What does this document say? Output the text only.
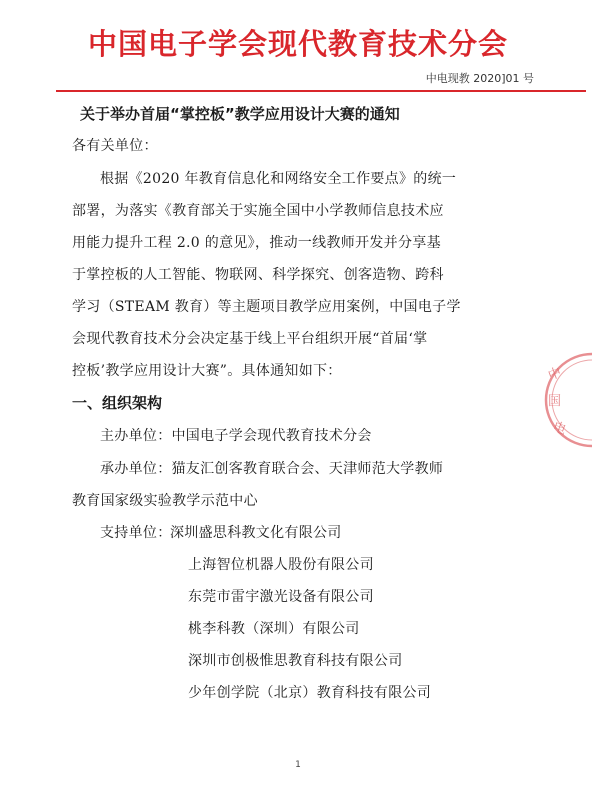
中国电子学会现代教育技术分会
中电现教 2020]01 号
关于举办首届“掌控板”教学应用设计大赛的通知
各有关单位：
根据《2020 年教育信息化和网络安全工作要点》的统一
部署，为落实《教育部关于实施全国中小学教师信息技术应
用能力提升工程 2.0 的意见》，推动一线教师开发并分享基
于掌控板的人工智能、物联网、科学探究、创客造物、跨科
学习（STEAM 教育）等主题项目教学应用案例，中国电子学
会现代教育技术分会决定基于线上平台组织开展“首届‘掌
控板’教学应用设计大赛”。具体通知如下：
一、组织架构
主办单位：中国电子学会现代教育技术分会
承办单位：猫友汇创客教育联合会、天津师范大学教师
教育国家级实验教学示范中心
支持单位：
深圳盛思科教文化有限公司
上海智位机器人股份有限公司
东莞市雷宇激光设备有限公司
桃李科教（深圳）有限公司
深圳市创极惟思教育科技有限公司
少年创学院（北京）教育科技有限公司
中
国
电
1
